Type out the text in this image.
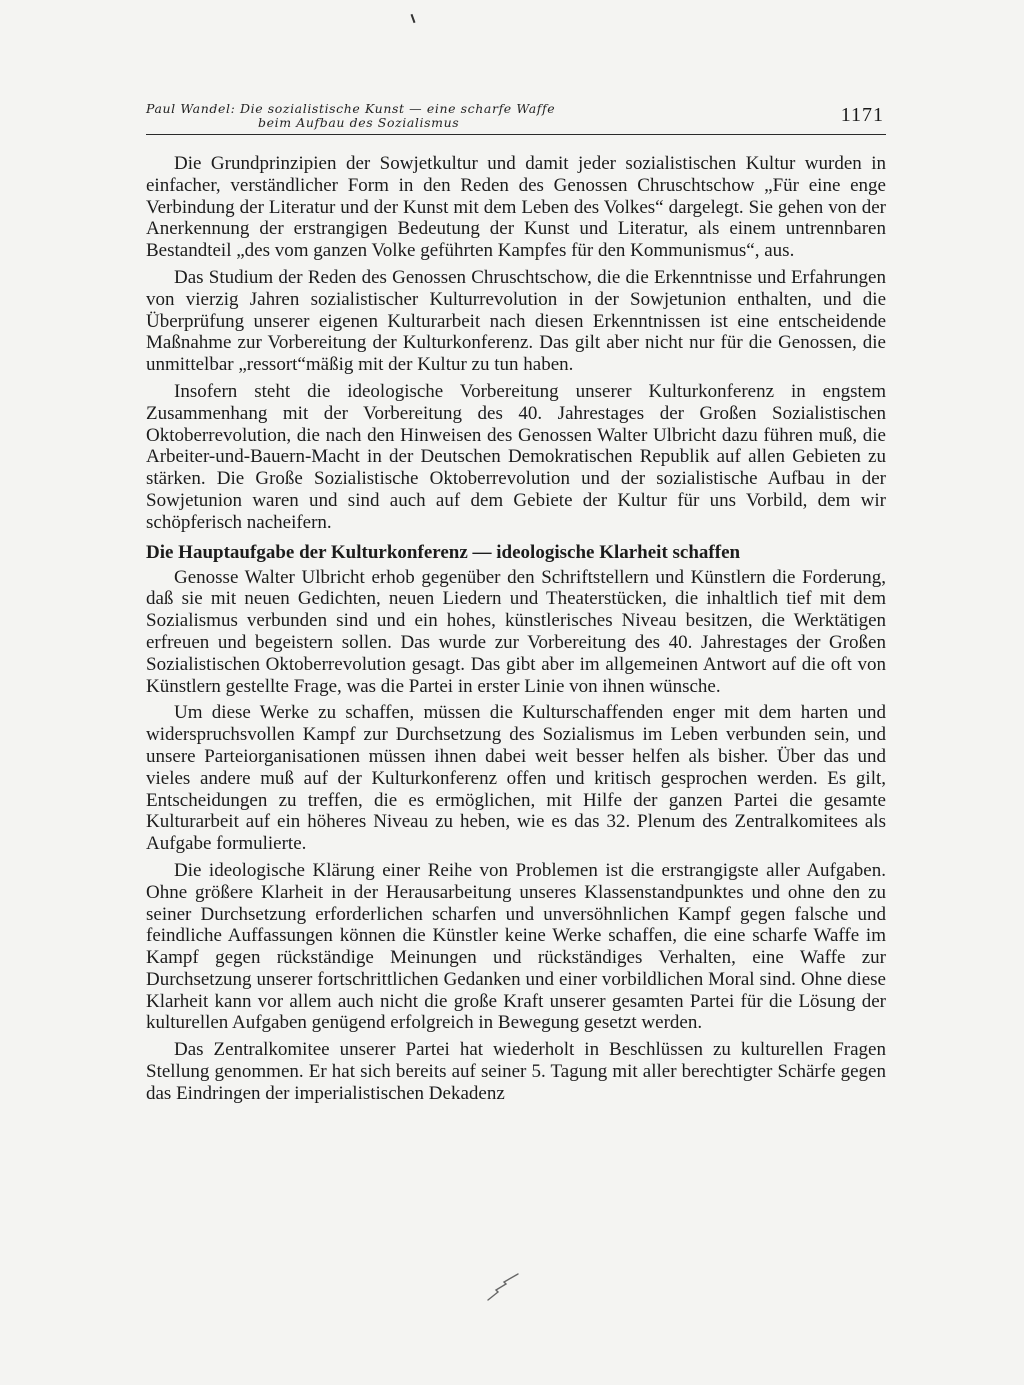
Paul Wandel: Die sozialistische Kunst — eine scharfe Waffe
beim Aufbau des Sozialismus	1171

Die Grundprinzipien der Sowjetkultur und damit jeder sozialistischen Kultur wurden in einfacher, verständlicher Form in den Reden des Genossen Chruschtschow „Für eine enge Verbindung der Literatur und der Kunst mit dem Leben des Volkes“ dargelegt. Sie gehen von der Anerkennung der erstrangigen Bedeutung der Kunst und Literatur, als einem untrennbaren Bestandteil „des vom ganzen Volke geführten Kampfes für den Kommunismus“, aus.

Das Studium der Reden des Genossen Chruschtschow, die die Erkenntnisse und Erfahrungen von vierzig Jahren sozialistischer Kulturrevolution in der Sowjetunion enthalten, und die Überprüfung unserer eigenen Kulturarbeit nach diesen Erkenntnissen ist eine entscheidende Maßnahme zur Vorbereitung der Kulturkonferenz. Das gilt aber nicht nur für die Genossen, die unmittelbar „ressort“mäßig mit der Kultur zu tun haben.

Insofern steht die ideologische Vorbereitung unserer Kulturkonferenz in engstem Zusammenhang mit der Vorbereitung des 40. Jahrestages der Großen Sozialistischen Oktoberrevolution, die nach den Hinweisen des Genossen Walter Ulbricht dazu führen muß, die Arbeiter-und-Bauern-Macht in der Deutschen Demokratischen Republik auf allen Gebieten zu stärken. Die Große Sozialistische Oktoberrevolution und der sozialistische Aufbau in der Sowjetunion waren und sind auch auf dem Gebiete der Kultur für uns Vorbild, dem wir schöpferisch nacheifern.

Die Hauptaufgabe der Kulturkonferenz — ideologische Klarheit schaffen

Genosse Walter Ulbricht erhob gegenüber den Schriftstellern und Künstlern die Forderung, daß sie mit neuen Gedichten, neuen Liedern und Theaterstücken, die inhaltlich tief mit dem Sozialismus verbunden sind und ein hohes, künstlerisches Niveau besitzen, die Werktätigen erfreuen und begeistern sollen. Das wurde zur Vorbereitung des 40. Jahrestages der Großen Sozialistischen Oktoberrevolution gesagt. Das gibt aber im allgemeinen Antwort auf die oft von Künstlern gestellte Frage, was die Partei in erster Linie von ihnen wünsche.

Um diese Werke zu schaffen, müssen die Kulturschaffenden enger mit dem harten und widerspruchsvollen Kampf zur Durchsetzung des Sozialismus im Leben verbunden sein, und unsere Parteiorganisationen müssen ihnen dabei weit besser helfen als bisher. Über das und vieles andere muß auf der Kulturkonferenz offen und kritisch gesprochen werden. Es gilt, Entscheidungen zu treffen, die es ermöglichen, mit Hilfe der ganzen Partei die gesamte Kulturarbeit auf ein höheres Niveau zu heben, wie es das 32. Plenum des Zentralkomitees als Aufgabe formulierte.

Die ideologische Klärung einer Reihe von Problemen ist die erstrangigste aller Aufgaben. Ohne größere Klarheit in der Herausarbeitung unseres Klassenstandpunktes und ohne den zu seiner Durchsetzung erforderlichen scharfen und unversöhnlichen Kampf gegen falsche und feindliche Auffassungen können die Künstler keine Werke schaffen, die eine scharfe Waffe im Kampf gegen rückständige Meinungen und rückständiges Verhalten, eine Waffe zur Durchsetzung unserer fortschrittlichen Gedanken und einer vorbildlichen Moral sind. Ohne diese Klarheit kann vor allem auch nicht die große Kraft unserer gesamten Partei für die Lösung der kulturellen Aufgaben genügend erfolgreich in Bewegung gesetzt werden.

Das Zentralkomitee unserer Partei hat wiederholt in Beschlüssen zu kulturellen Fragen Stellung genommen. Er hat sich bereits auf seiner 5. Tagung mit aller berechtigter Schärfe gegen das Eindringen der imperialistischen Dekadenz
